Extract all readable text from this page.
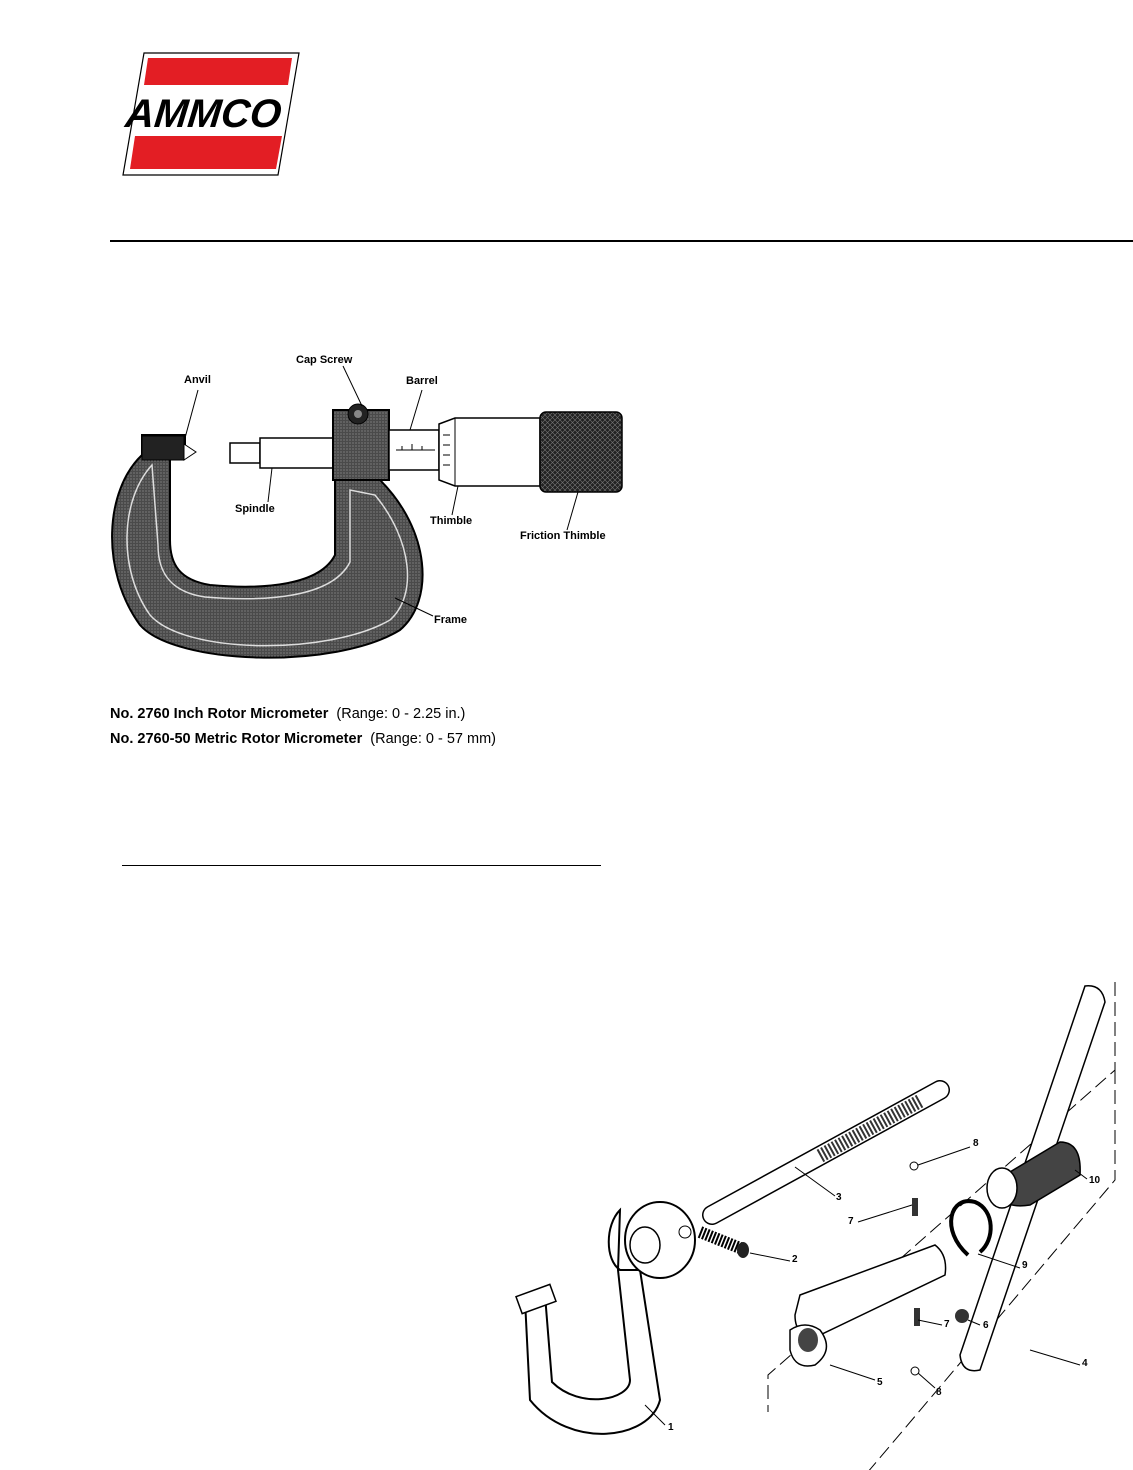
AMMCO
Cap Screw
Anvil	Barrel
Spindle
Thimble
Friction Thimble
Frame
No. 2760 Inch Rotor Micrometer (Range: 0 - 2.25 in.)
No. 2760-50 Metric Rotor Micrometer (Range: 0 - 57 mm)
1
2
3
4
5
6
7
7
8
8
9
10
